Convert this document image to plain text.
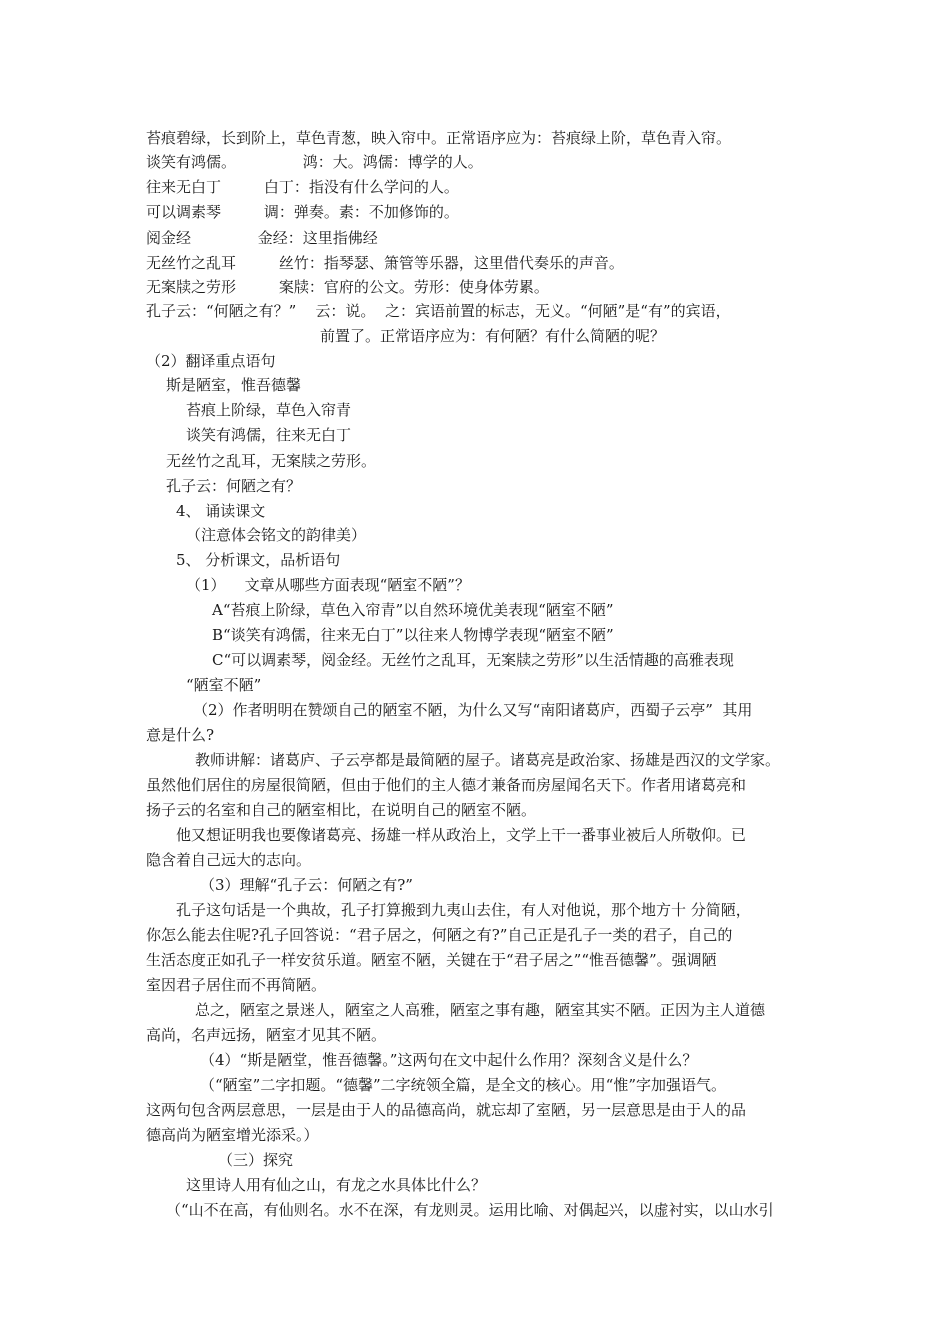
苔痕碧绿，长到阶上，草色青葱，映入帘中。正常语序应为：苔痕绿上阶，草色青入帘。
谈笑有鸿儒。              鸿：大。鸿儒：博学的人。
往来无白丁         白丁：指没有什么学问的人。
可以调素琴         调：弹奏。素：不加修饰的。
阅金经              金经：这里指佛经
无丝竹之乱耳         丝竹：指琴瑟、箫管等乐器，这里借代奏乐的声音。
无案牍之劳形         案牍：官府的公文。劳形：使身体劳累。
孔子云：“何陋之有？”    云：说。  之：宾语前置的标志，无义。“何陋”是“有”的宾语，
前置了。正常语序应为：有何陋？有什么简陋的呢？
（2）翻译重点语句
斯是陋室，惟吾德馨
苔痕上阶绿，草色入帘青
谈笑有鸿儒，往来无白丁
无丝竹之乱耳，无案牍之劳形。
孔子云：何陋之有？
4、 诵读课文
（注意体会铭文的韵律美）
5、 分析课文，品析语句
（1）    文章从哪些方面表现“陋室不陋”？
A“苔痕上阶绿，草色入帘青”以自然环境优美表现“陋室不陋”
B“谈笑有鸿儒，往来无白丁”以往来人物博学表现“陋室不陋”
C“可以调素琴，阅金经。无丝竹之乱耳，无案牍之劳形”以生活情趣的高雅表现
“陋室不陋”
（2）作者明明在赞颂自己的陋室不陋，为什么又写“南阳诸葛庐，西蜀子云亭”  其用
意是什么?
教师讲解：诸葛庐、子云亭都是最简陋的屋子。诸葛亮是政治家、扬雄是西汉的文学家。
虽然他们居住的房屋很简陋，但由于他们的主人德才兼备而房屋闻名天下。作者用诸葛亮和
扬子云的名室和自己的陋室相比，在说明自己的陋室不陋。
他又想证明我也要像诸葛亮、扬雄一样从政治上，文学上干一番事业被后人所敬仰。已
隐含着自己远大的志向。
（3）理解“孔子云：何陋之有?”
孔子这句话是一个典故，孔子打算搬到九夷山去住，有人对他说，那个地方十 分简陋，
你怎么能去住呢?孔子回答说：“君子居之，何陋之有?”自己正是孔子一类的君子，自己的
生活态度正如孔子一样安贫乐道。陋室不陋，关键在于“君子居之”“惟吾德馨”。强调陋
室因君子居住而不再简陋。
总之，陋室之景迷人，陋室之人高雅，陋室之事有趣，陋室其实不陋。正因为主人道德
高尚，名声远扬，陋室才见其不陋。
（4）“斯是陋堂，惟吾德馨。”这两句在文中起什么作用？深刻含义是什么？
（“陋室”二字扣题。“德馨”二字统领全篇，是全文的核心。用“惟”字加强语气。
这两句包含两层意思，一层是由于人的品德高尚，就忘却了室陋，另一层意思是由于人的品
德高尚为陋室增光添采。）
（三）探究
这里诗人用有仙之山，有龙之水具体比什么？
（“山不在高，有仙则名。水不在深，有龙则灵。运用比喻、对偶起兴，以虚衬实，以山水引
